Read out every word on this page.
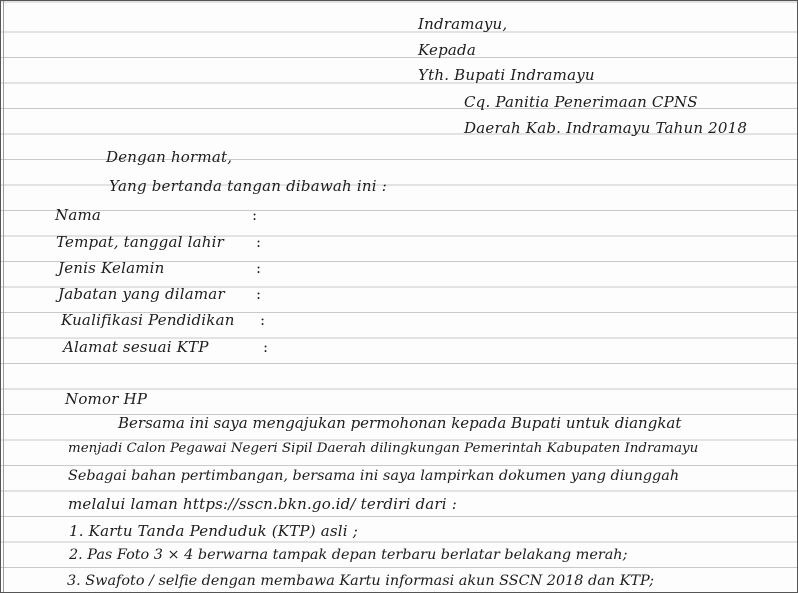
Indramayu,
Kepada
Yth. Bupati Indramayu
Cq. Panitia Penerimaan CPNS
Daerah Kab. Indramayu Tahun 2018
Dengan hormat,
Yang bertanda tangan dibawah ini :
Nama	:
Tempat, tanggal lahir :
Jenis Kelamin	:
Jabatan yang dilamar :
Kualifikasi Pendidikan :
Alamat sesuai KTP	:
Nomor HP
Bersama ini saya mengajukan permohonan kepada Bupati untuk diangkat
menjadi Calon Pegawai Negeri Sipil Daerah dilingkungan Pemerintah Kabupaten Indramayu
Sebagai bahan pertimbangan, bersama ini saya lampirkan dokumen yang diunggah
melalui laman https://sscn.bkn.go.id/ terdiri dari :
1. Kartu Tanda Penduduk (KTP) asli ;
2. Pas Foto 3 × 4 berwarna tampak depan terbaru berlatar belakang merah;
3. Swafoto / selfie dengan membawa Kartu informasi akun SSCN 2018 dan KTP;
